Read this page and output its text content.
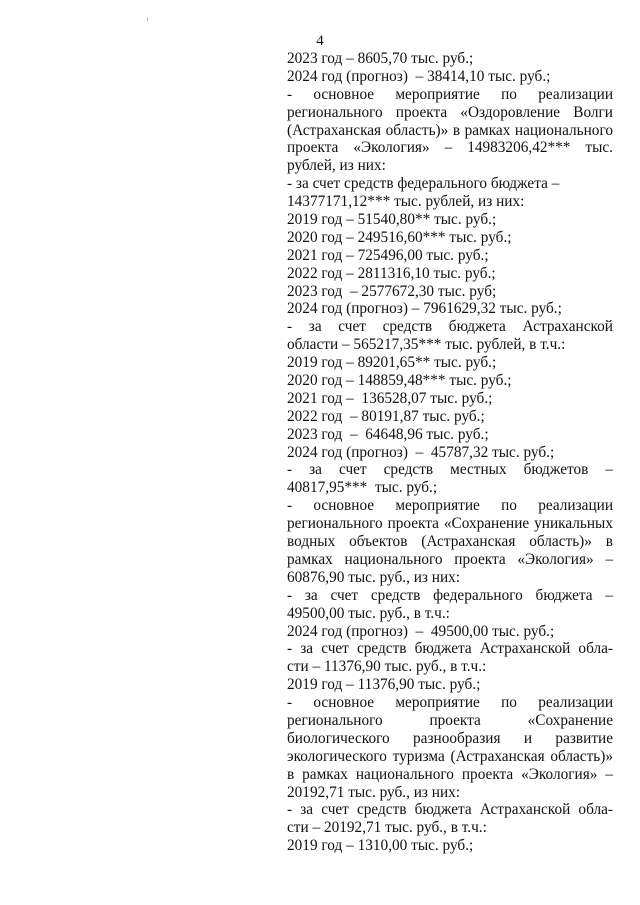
4
2023 год – 8605,70 тыс. руб.;
2024 год (прогноз)  – 38414,10 тыс. руб.;
- основное мероприятие по реализации
регионального проекта «Оздоровление Волги
(Астраханская область)» в рамках национального
проекта «Экология» – 14983206,42*** тыс.
рублей, из них:
- за счет средств федерального бюджета –
14377171,12*** тыс. рублей, из них:
2019 год – 51540,80** тыс. руб.;
2020 год – 249516,60*** тыс. руб.;
2021 год – 725496,00 тыс. руб.;
2022 год – 2811316,10 тыс. руб.;
2023 год  – 2577672,30 тыс. руб;
2024 год (прогноз) – 7961629,32 тыс. руб.;
- за счет средств бюджета Астраханской
области – 565217,35*** тыс. рублей, в т.ч.:
2019 год – 89201,65** тыс. руб.;
2020 год – 148859,48*** тыс. руб.;
2021 год –  136528,07 тыс. руб.;
2022 год  – 80191,87 тыс. руб.;
2023 год  –  64648,96 тыс. руб.;
2024 год (прогноз)  –  45787,32 тыс. руб.;
- за счет средств местных бюджетов –
40817,95***  тыс. руб.;
- основное мероприятие по реализации
регионального проекта «Сохранение уникальных
водных объектов (Астраханская область)» в
рамках национального проекта «Экология» –
60876,90 тыс. руб., из них:
- за счет средств федерального бюджета –
49500,00 тыс. руб., в т.ч.:
2024 год (прогноз)  –  49500,00 тыс. руб.;
- за счет средств бюджета Астраханской обла-
сти – 11376,90 тыс. руб., в т.ч.:
2019 год – 11376,90 тыс. руб.;
- основное мероприятие по реализации
регионального проекта «Сохранение
биологического разнообразия и развитие
экологического туризма (Астраханская область)»
в рамках национального проекта «Экология» –
20192,71 тыс. руб., из них:
- за счет средств бюджета Астраханской обла-
сти – 20192,71 тыс. руб., в т.ч.:
2019 год – 1310,00 тыс. руб.;
